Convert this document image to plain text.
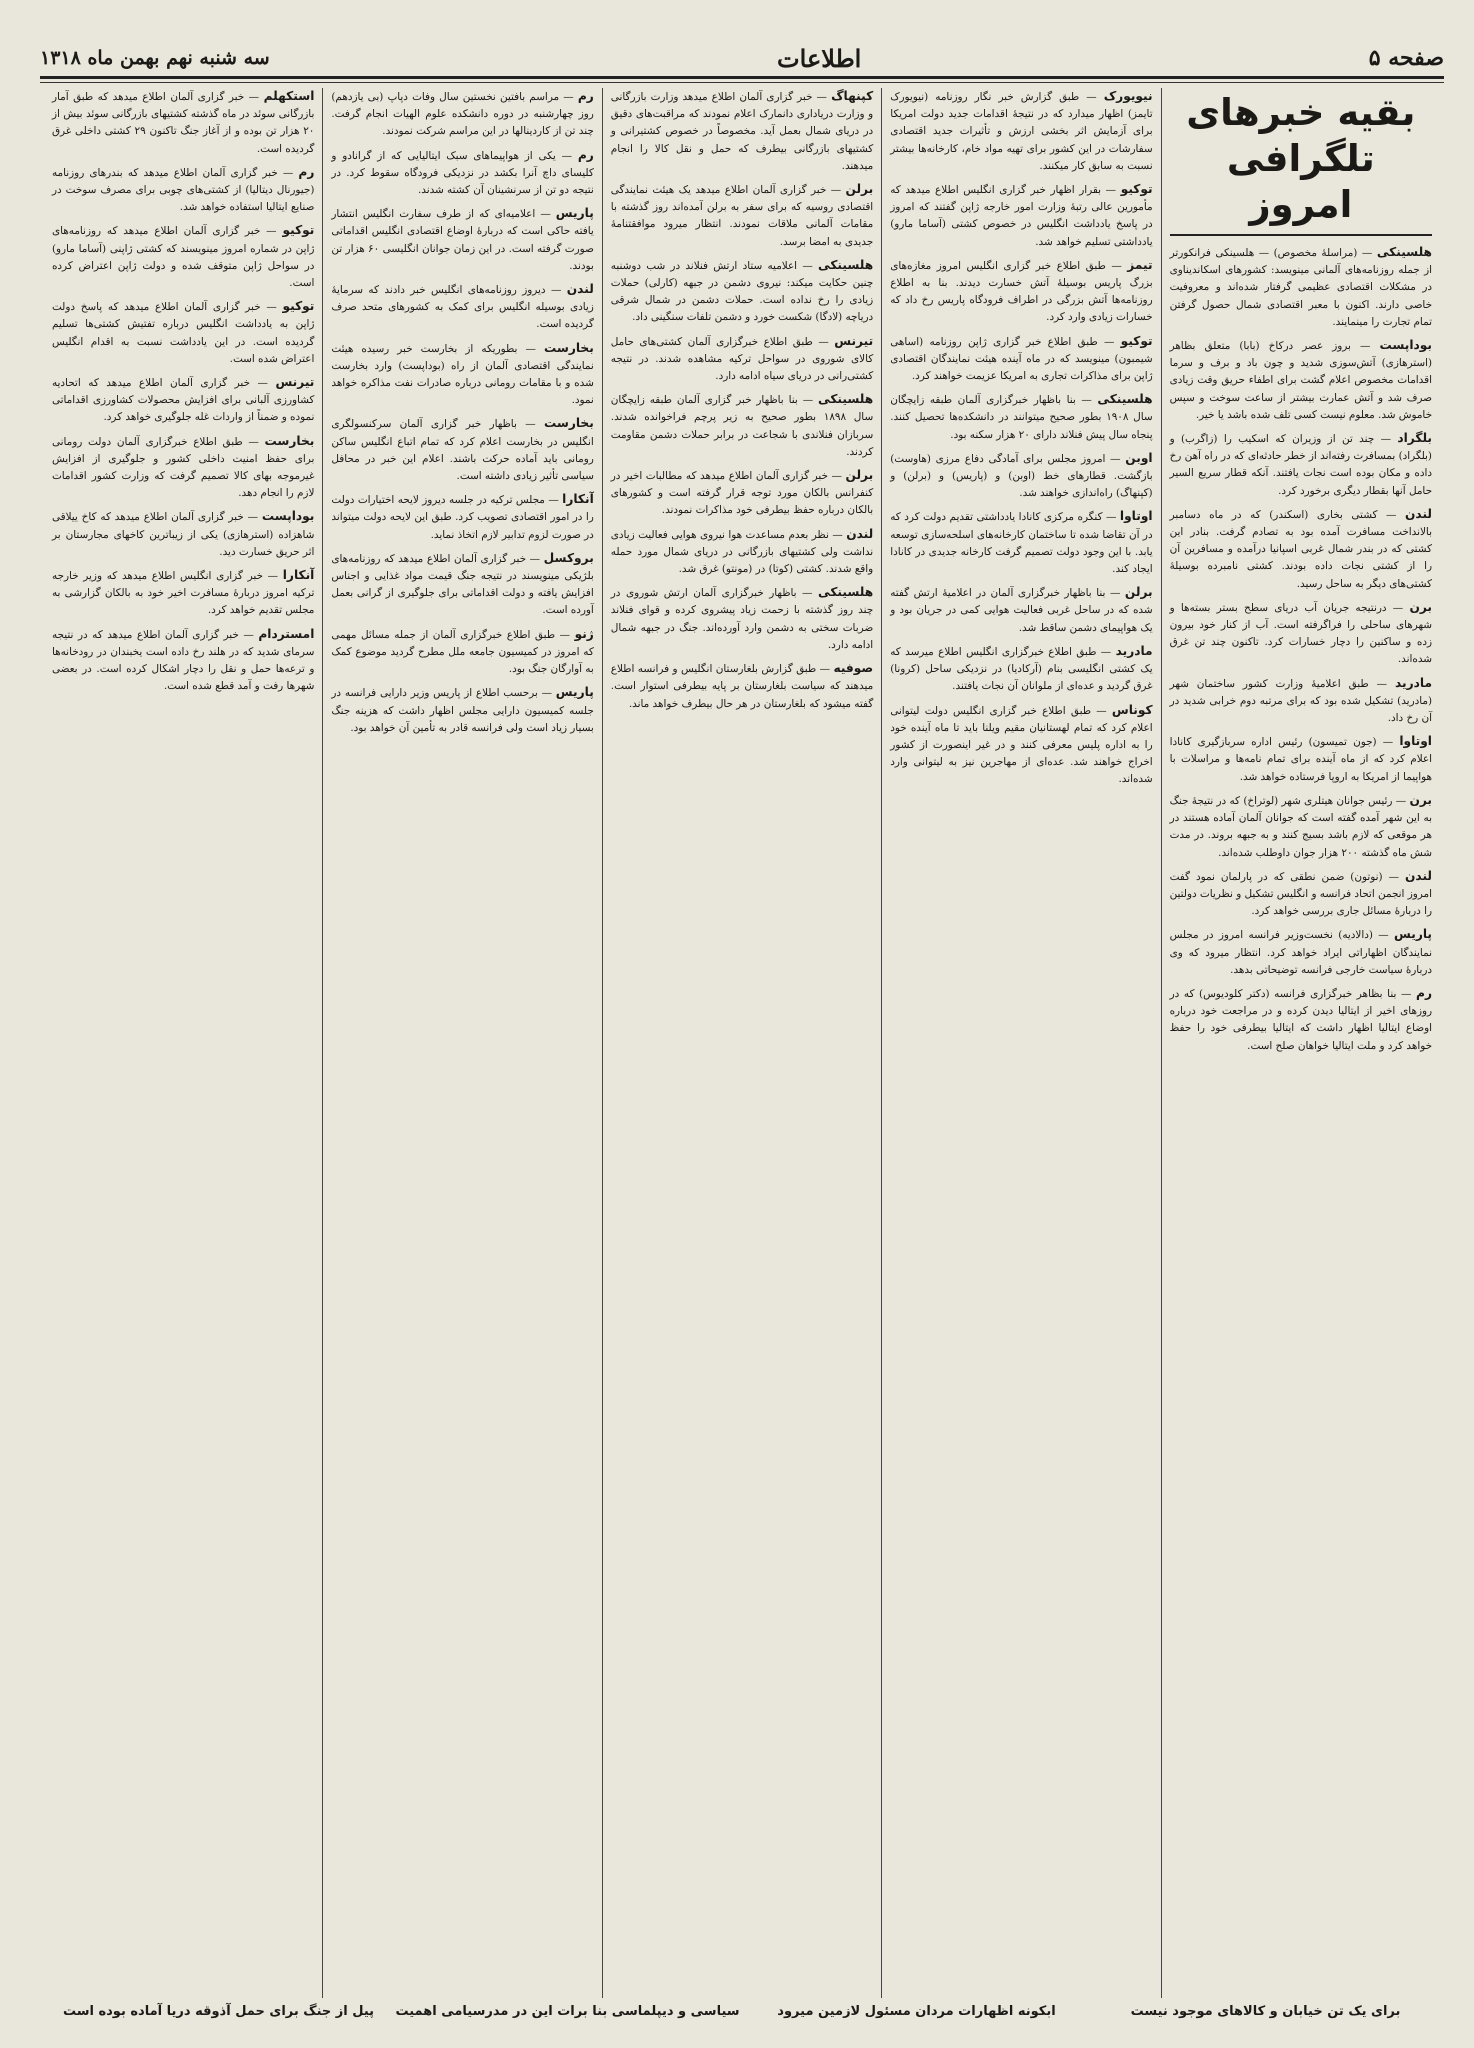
صفحه ۵
اطلاعات
سه شنبه نهم بهمن ماه ۱۳۱۸
بقیه خبرهای تلگرافی امروز
هلسینکی — (مراسلهٔ مخصوص) — هلسینکی فرانکورتر از جمله روزنامه‌های آلمانی مینویسد: کشورهای اسکاندیناوی در مشکلات اقتصادی عظیمی گرفتار شده‌اند و معروفیت خاصی دارند. اکنون با معبر اقتصادی شمال حصول گرفتن تمام تجارت را مینمایند.
بوداپست — بروز عصر درکاخ (بابا) متعلق بظاهر (استرهازی) آتش‌سوزی شدید و چون باد و برف و سرما اقدامات مخصوص اعلام گشت برای اطفاء حریق وقت زیادی صرف شد و آتش عمارت بیشتر از ساعت سوخت و سپس خاموش شد. معلوم نیست کسی تلف شده باشد یا خیر.
بلگراد — چند تن از وزیران که اسکیب را (زاگرب) و (بلگراد) بمسافرت رفته‌اند از خطر حادثه‌ای که در راه آهن رخ داده و مکان بوده است نجات یافتند. آنکه قطار سریع السیر حامل آنها بقطار دیگری برخورد کرد.
لندن — کشتی بخاری (اسکندر) که در ماه دسامبر بالانداخت مسافرت آمده بود به تصادم گرفت. بنادر این کشتی که در بندر شمال غربی اسپانیا درآمده و مسافرین آن را از کشتی نجات داده بودند. کشتی نامبرده بوسیلهٔ کشتی‌های دیگر به ساحل رسید.
برن — درنتیجه جریان آب دریای سطح بستر بسته‌ها و شهرهای ساحلی را فراگرفته است. آب از کنار خود بیرون زده و ساکنین را دچار خسارات کرد. تاکنون چند تن غرق شده‌اند.
مادرید — طبق اعلامیهٔ وزارت کشور ساختمان شهر (مادرید) تشکیل شده بود که برای مرتبه دوم خرابی شدید در آن رخ داد.
اوتاوا — (جون تمیسون) رئیس اداره سربازگیری کانادا اعلام کرد که از ماه آینده برای تمام نامه‌ها و مراسلات با هواپیما از امریکا به اروپا فرستاده خواهد شد.
برن — رئیس جوانان هیتلری شهر (لوتراخ) که در نتیجهٔ جنگ به این شهر آمده گفته است که جوانان آلمان آماده هستند در هر موقعی که لازم باشد بسیج کنند و به جبهه بروند. در مدت شش ماه گذشته ۲۰۰ هزار جوان داوطلب شده‌اند.
لندن — (نوتون) ضمن نطقی که در پارلمان نمود گفت امروز انجمن اتحاد فرانسه و انگلیس تشکیل و نظریات دولتین را دربارهٔ مسائل جاری بررسی خواهد کرد.
پاریس — (دالادیه) نخست‌وزیر فرانسه امروز در مجلس نمایندگان اظهاراتی ایراد خواهد کرد. انتظار میرود که وی دربارهٔ سیاست خارجی فرانسه توضیحاتی بدهد.
رم — بنا بظاهر خبرگزاری فرانسه (دکتر کلودیوس) که در روزهای اخیر از ایتالیا دیدن کرده و در مراجعت خود درباره اوضاع ایتالیا اظهار داشت که ایتالیا بیطرفی خود را حفظ خواهد کرد و ملت ایتالیا خواهان صلح است.
نیویورک — طبق گزارش خبر نگار روزنامه (نیویورک تایمز) اظهار میدارد که در نتیجهٔ اقدامات جدید دولت امریکا برای آزمایش اثر بخشی ارزش و تأثیرات جدید اقتصادی سفارشات در این کشور برای تهیه مواد خام، کارخانه‌ها بیشتر نسبت به سابق کار میکنند.
توکیو — بقرار اظهار خبر گزاری انگلیس اطلاع میدهد که مأمورین عالی رتبهٔ وزارت امور خارجه ژاپن گفتند که امروز در پاسخ یادداشت انگلیس در خصوص کشتی (آساما مارو) یادداشتی تسلیم خواهد شد.
تیمز — طبق اطلاع خبر گزاری انگلیس امروز مغازه‌های بزرگ پاریس بوسیلهٔ آتش خسارت دیدند. بنا به اطلاع روزنامه‌ها آتش بزرگی در اطراف فرودگاه پاریس رخ داد که خسارات زیادی وارد کرد.
توکیو — طبق اطلاع خبر گزاری ژاپن روزنامه (اساهی شیمبون) مینویسد که در ماه آینده هیئت نمایندگان اقتصادی ژاپن برای مذاکرات تجاری به امریکا عزیمت خواهند کرد.
هلسینکی — بنا باظهار خبرگزاری آلمان طبقه زایچگان سال ۱۹۰۸ بطور صحیح میتوانند در دانشکده‌ها تحصیل کنند. پنجاه سال پیش فنلاند دارای ۲۰ هزار سکنه بود.
اوبن — امروز مجلس برای آمادگی دفاع مرزی (هاوست) بازگشت. قطارهای خط (اوبن) و (پاریس) و (برلن) و (کپنهاگ) راه‌اندازی خواهند شد.
اوتاوا — کنگره مرکزی کانادا یادداشتی تقدیم دولت کرد که در آن تقاضا شده تا ساختمان کارخانه‌های اسلحه‌سازی توسعه یابد. با این وجود دولت تصمیم گرفت کارخانه جدیدی در کانادا ایجاد کند.
برلن — بنا باظهار خبرگزاری آلمان در اعلامیهٔ ارتش گفته شده که در ساحل غربی فعالیت هوایی کمی در جریان بود و یک هواپیمای دشمن ساقط شد.
مادرید — طبق اطلاع خبرگزاری انگلیس اطلاع میرسد که یک کشتی انگلیسی بنام (آرکادیا) در نزدیکی ساحل (کرونا) غرق گردید و عده‌ای از ملوانان آن نجات یافتند.
کوناس — طبق اطلاع خبر گزاری انگلیس دولت لیتوانی اعلام کرد که تمام لهستانیان مقیم ویلنا باید تا ماه آینده خود را به اداره پلیس معرفی کنند و در غیر اینصورت از کشور اخراج خواهند شد. عده‌ای از مهاجرین نیز به لیتوانی وارد شده‌اند.
کپنهاگ — خبر گزاری آلمان اطلاع میدهد وزارت بازرگانی و وزارت دریاداری دانمارک اعلام نمودند که مراقبت‌های دقیق در دریای شمال بعمل آید. مخصوصاً در خصوص کشتیرانی و کشتیهای بازرگانی بیطرف که حمل و نقل کالا را انجام میدهند.
برلن — خبر گزاری آلمان اطلاع میدهد یک هیئت نمایندگی اقتصادی روسیه که برای سفر به برلن آمده‌اند روز گذشته با مقامات آلمانی ملاقات نمودند. انتظار میرود موافقتنامهٔ جدیدی به امضا برسد.
هلسینکی — اعلامیه ستاد ارتش فنلاند در شب دوشنبه چنین حکایت میکند: نیروی دشمن در جبهه (کارلی) حملات زیادی را رخ نداده است. حملات دشمن در شمال شرقی دریاچه (لادگا) شکست خورد و دشمن تلفات سنگینی داد.
تیرنس — طبق اطلاع خبرگزاری آلمان کشتی‌های حامل کالای شوروی در سواحل ترکیه مشاهده شدند. در نتیجه کشتی‌رانی در دریای سیاه ادامه دارد.
هلسینکی — بنا باظهار خبر گزاری آلمان طبقه زایچگان سال ۱۸۹۸ بطور صحیح به زیر پرچم فراخوانده شدند. سربازان فنلاندی با شجاعت در برابر حملات دشمن مقاومت کردند.
برلن — خبر گزاری آلمان اطلاع میدهد که مطالبات اخیر در کنفرانس بالکان مورد توجه قرار گرفته است و کشورهای بالکان درباره حفظ بیطرفی خود مذاکرات نمودند.
لندن — نظر بعدم مساعدت هوا نیروی هوایی فعالیت زیادی نداشت ولی کشتیهای بازرگانی در دریای شمال مورد حمله واقع شدند. کشتی (کوتا) در (مونتو) غرق شد.
هلسینکی — باظهار خبرگزاری آلمان ارتش شوروی در چند روز گذشته با زحمت زیاد پیشروی کرده و قوای فنلاند ضربات سختی به دشمن وارد آورده‌اند. جنگ در جبهه شمال ادامه دارد.
صوفیه — طبق گزارش بلغارستان انگلیس و فرانسه اطلاع میدهند که سیاست بلغارستان بر پایه بیطرفی استوار است. گفته میشود که بلغارستان در هر حال بیطرف خواهد ماند.
رم — مراسم بافتین نخستین سال وفات دپاپ (بی یازدهم) روز چهارشنبه در دوره دانشکده علوم الهیات انجام گرفت. چند تن از کاردینالها در این مراسم شرکت نمودند.
رم — یکی از هواپیماهای سبک ایتالیایی که از گرانادو و کلیسای داچ آنرا بکشد در نزدیکی فرودگاه سقوط کرد. در نتیجه دو تن از سرنشینان آن کشته شدند.
پاریس — اعلامیه‌ای که از طرف سفارت انگلیس انتشار یافته حاکی است که دربارهٔ اوضاع اقتصادی انگلیس اقداماتی صورت گرفته است. در این زمان جوانان انگلیسی ۶۰ هزار تن بودند.
لندن — دیروز روزنامه‌های انگلیس خبر دادند که سرمایهٔ زیادی بوسیله انگلیس برای کمک به کشورهای متحد صرف گردیده است.
بخارست — بطوریکه از بخارست خبر رسیده هیئت نمایندگی اقتصادی آلمان از راه (بوداپست) وارد بخارست شده و با مقامات رومانی درباره صادرات نفت مذاکره خواهد نمود.
بخارست — باظهار خبر گزاری آلمان سرکنسولگری انگلیس در بخارست اعلام کرد که تمام اتباع انگلیس ساکن رومانی باید آماده حرکت باشند. اعلام این خبر در محافل سیاسی تأثیر زیادی داشته است.
آنکارا — مجلس ترکیه در جلسه دیروز لایحه اختیارات دولت را در امور اقتصادی تصویب کرد. طبق این لایحه دولت میتواند در صورت لزوم تدابیر لازم اتخاذ نماید.
بروکسل — خبر گزاری آلمان اطلاع میدهد که روزنامه‌های بلژیکی مینویسند در نتیجه جنگ قیمت مواد غذایی و اجناس افزایش یافته و دولت اقداماتی برای جلوگیری از گرانی بعمل آورده است.
ژنو — طبق اطلاع خبرگزاری آلمان از جمله مسائل مهمی که امروز در کمیسیون جامعه ملل مطرح گردید موضوع کمک به آوارگان جنگ بود.
پاریس — برحسب اطلاع از پاریس وزیر دارایی فرانسه در جلسه کمیسیون دارایی مجلس اظهار داشت که هزینه جنگ بسیار زیاد است ولی فرانسه قادر به تأمین آن خواهد بود.
استکهلم — خبر گزاری آلمان اطلاع میدهد که طبق آمار بازرگانی سوئد در ماه گذشته کشتیهای بازرگانی سوئد بیش از ۲۰ هزار تن بوده و از آغاز جنگ تاکنون ۲۹ کشتی داخلی غرق گردیده است.
رم — خبر گزاری آلمان اطلاع میدهد که بندرهای روزنامه (جیورنال دیتالیا) از کشتی‌های چوبی برای مصرف سوخت در صنایع ایتالیا استفاده خواهد شد.
توکیو — خبر گزاری آلمان اطلاع میدهد که روزنامه‌های ژاپن در شماره امروز مینویسند که کشتی ژاپنی (آساما مارو) در سواحل ژاپن متوقف شده و دولت ژاپن اعتراض کرده است.
توکیو — خبر گزاری آلمان اطلاع میدهد که پاسخ دولت ژاپن به یادداشت انگلیس درباره تفتیش کشتی‌ها تسلیم گردیده است. در این یادداشت نسبت به اقدام انگلیس اعتراض شده است.
تیرنس — خبر گزاری آلمان اطلاع میدهد که اتحادیه کشاورزی آلبانی برای افزایش محصولات کشاورزی اقداماتی نموده و ضمناً از واردات غله جلوگیری خواهد کرد.
بخارست — طبق اطلاع خبرگزاری آلمان دولت رومانی برای حفظ امنیت داخلی کشور و جلوگیری از افزایش غیرموجه بهای کالا تصمیم گرفت که وزارت کشور اقدامات لازم را انجام دهد.
بوداپست — خبر گزاری آلمان اطلاع میدهد که کاخ ییلاقی شاهزاده (استرهازی) یکی از زیباترین کاخهای مجارستان بر اثر حریق خسارت دید.
آنکارا — خبر گزاری انگلیس اطلاع میدهد که وزیر خارجه ترکیه امروز دربارهٔ مسافرت اخیر خود به بالکان گزارشی به مجلس تقدیم خواهد کرد.
امستردام — خبر گزاری آلمان اطلاع میدهد که در نتیجه سرمای شدید که در هلند رخ داده است یخبندان در رودخانه‌ها و ترعه‌ها حمل و نقل را دچار اشکال کرده است. در بعضی شهرها رفت و آمد قطع شده است.
پیل از جنگ برای حمل آذوقه دریا آماده بوده است	سیاسی و دیپلماسی بنا برات این در مدرسیامی اهمیت	ابکونه اظهارات مردان مسئول لازمین میرود	برای یک تن خیابان و کالاهای موجود نیست
